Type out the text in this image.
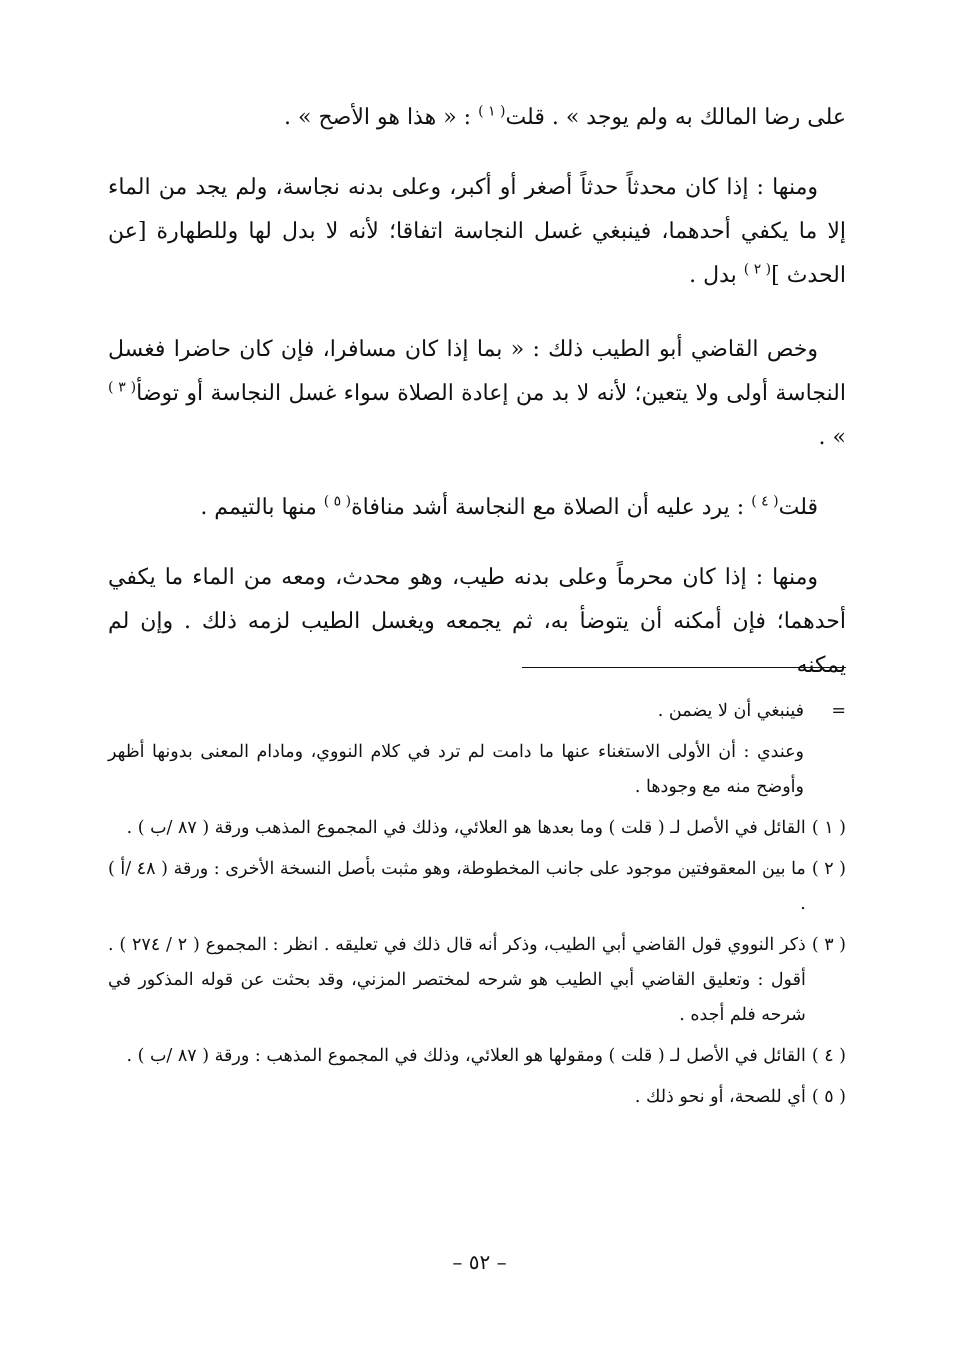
على رضا المالك به ولم يوجد » . قلت$^{( ١ )}$ : « هذا هو الأصح » .

ومنها : إذا كان محدثاً حدثاً أصغر أو أكبر، وعلى بدنه نجاسة، ولم يجد من الماء إلا ما يكفي أحدهما، فينبغي غسل النجاسة اتفاقا؛ لأنه لا بدل لها وللطهارة [عن الحدث ]$^{( ٢ )}$ بدل .

وخص القاضي أبو الطيب ذلك : « بما إذا كان مسافرا، فإن كان حاضرا فغسل النجاسة أولى ولا يتعين؛ لأنه لا بد من إعادة الصلاة سواء غسل النجاسة أو توضأ$^{( ٣ )}$ » .

قلت$^{( ٤ )}$ : يرد عليه أن الصلاة مع النجاسة أشد منافاة$^{( ٥ )}$ منها بالتيمم .

ومنها : إذا كان محرماً وعلى بدنه طيب، وهو محدث، ومعه من الماء ما يكفي أحدهما؛ فإن أمكنه أن يتوضأ به، ثم يجمعه ويغسل الطيب لزمه ذلك . وإن لم يمكنه

=
فينبغي أن لا يضمن .
وعندي : أن الأولى الاستغناء عنها ما دامت لم ترد في كلام النووي، ومادام المعنى بدونها أظهر وأوضح منه مع وجودها .
( ١ )
القائل في الأصل لـ ( قلت ) وما بعدها هو العلائي، وذلك في المجموع المذهب ورقة ( ٨٧ /ب ) .
( ٢ )
ما بين المعقوفتين موجود على جانب المخطوطة، وهو مثبت بأصل النسخة الأخرى : ورقة ( ٤٨ /أ ) .
( ٣ )
ذكر النووي قول القاضي أبي الطيب، وذكر أنه قال ذلك في تعليقه . انظر : المجموع ( ٢ / ٢٧٤ ) . أقول : وتعليق القاضي أبي الطيب هو شرحه لمختصر المزني، وقد بحثت عن قوله المذكور في شرحه فلم أجده .
( ٤ )
القائل في الأصل لـ ( قلت ) ومقولها هو العلائي، وذلك في المجموع المذهب : ورقة ( ٨٧ /ب ) .
( ٥ )
أي للصحة، أو نحو ذلك .
– ٥٢ –
